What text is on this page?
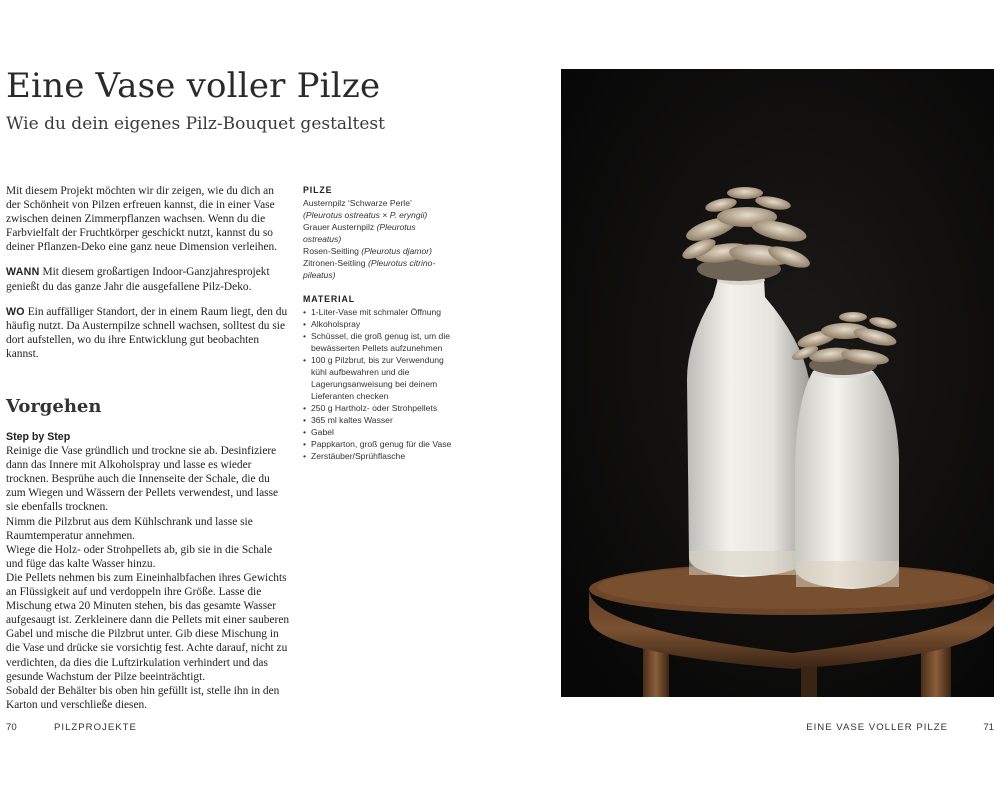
Eine Vase voller Pilze
Wie du dein eigenes Pilz-Bouquet gestaltest

Mit diesem Projekt möchten wir dir zeigen, wie du dich an der Schönheit von Pilzen erfreuen kannst, die in einer Vase zwischen deinen Zimmerpflanzen wachsen. Wenn du die Farbvielfalt der Fruchtkörper geschickt nutzt, kannst du so deiner Pflanzen-Deko eine ganz neue Dimension verleihen.

WANN Mit diesem großartigen Indoor-Ganzjahresprojekt genießt du das ganze Jahr die ausgefallene Pilz-Deko.

WO Ein auffälliger Standort, der in einem Raum liegt, den du häufig nutzt. Da Austernpilze schnell wachsen, solltest du sie dort aufstellen, wo du ihre Entwicklung gut beobachten kannst.

Vorgehen
Step by Step

Reinige die Vase gründlich und trockne sie ab. Desinfiziere dann das Innere mit Alkoholspray und lasse es wieder trocknen. Besprühe auch die Innenseite der Schale, die du zum Wiegen und Wässern der Pellets verwendest, und lasse sie ebenfalls trocknen.

Nimm die Pilzbrut aus dem Kühlschrank und lasse sie Raumtemperatur annehmen.

Wiege die Holz- oder Strohpellets ab, gib sie in die Schale und füge das kalte Wasser hinzu.

Die Pellets nehmen bis zum Eineinhalbfachen ihres Gewichts an Flüssigkeit auf und verdoppeln ihre Größe. Lasse die Mischung etwa 20 Minuten stehen, bis das gesamte Wasser aufgesaugt ist. Zerkleinere dann die Pellets mit einer sauberen Gabel und mische die Pilzbrut unter. Gib diese Mischung in die Vase und drücke sie vorsichtig fest. Achte darauf, nicht zu verdichten, da dies die Luftzirkulation verhindert und das gesunde Wachstum der Pilze beeinträchtigt.

Sobald der Behälter bis oben hin gefüllt ist, stelle ihn in den Karton und verschließe diesen.

PILZE
Austernpilz ‘Schwarze Perle’ (Pleurotus ostreatus × P. eryngii)
Grauer Austernpilz (Pleurotus ostreatus)
Rosen-Seitling (Pleurotus djamor)
Zitronen-Seitling (Pleurotus citrino-pileatus)
MATERIAL
• 1-Liter-Vase mit schmaler Öffnung
• Alkoholspray
• Schüssel, die groß genug ist, um die bewässerten Pellets aufzunehmen
• 100 g Pilzbrut, bis zur Verwendung kühl aufbewahren und die Lagerungsanweisung bei deinem Lieferanten checken
• 250 g Hartholz- oder Strohpellets
• 365 ml kaltes Wasser
• Gabel
• Pappkarton, groß genug für die Vase
• Zerstäuber/Sprühflasche
70	PILZPROJEKTE	EINE VASE VOLLER PILZE	71
